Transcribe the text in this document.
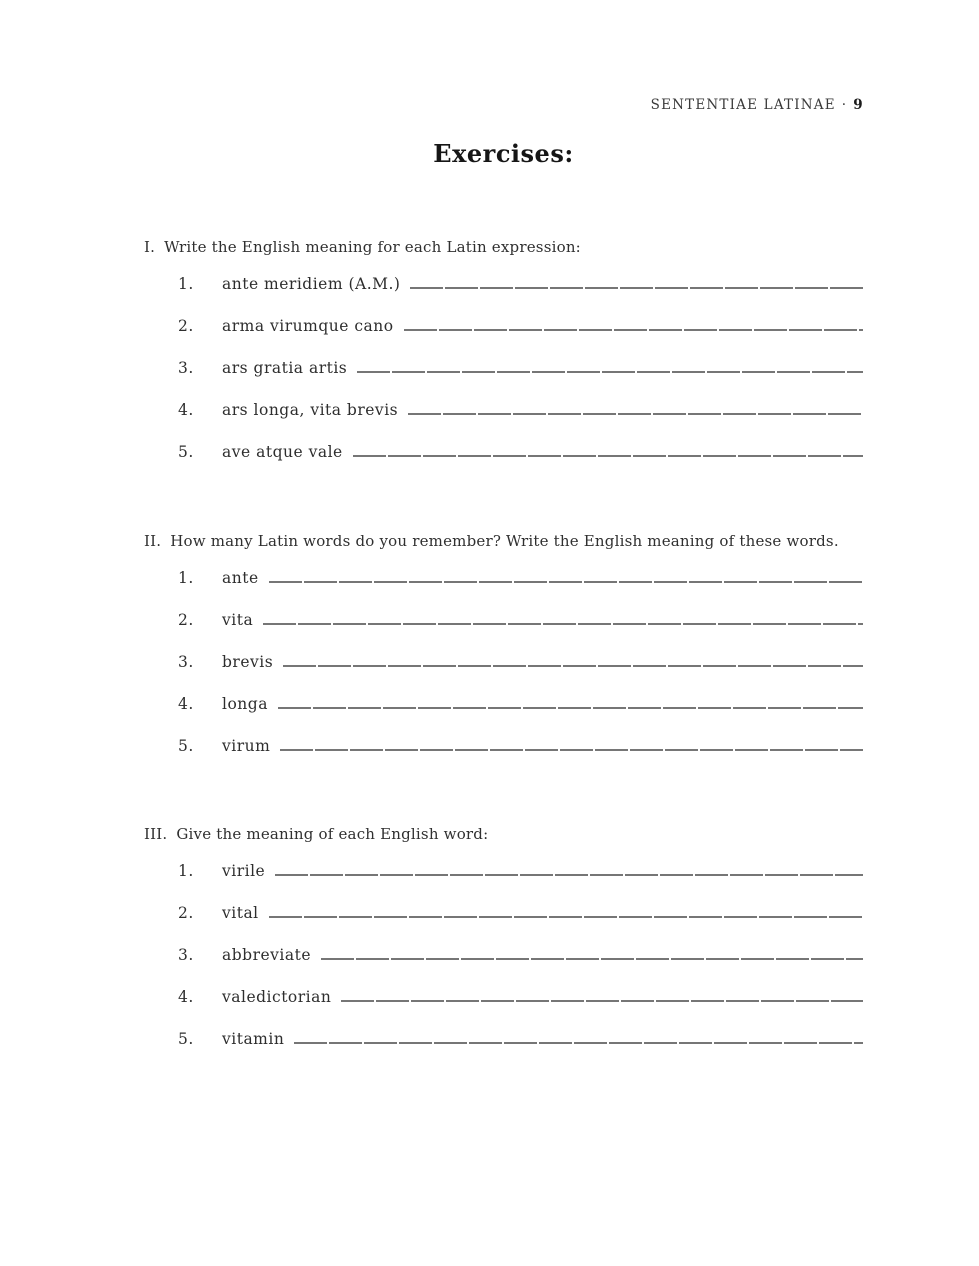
SENTENTIAE LATINAE · 9
Exercises:
I. Write the English meaning for each Latin expression:
1.	ante meridiem (A.M.)
2.	arma virumque cano
3.	ars gratia artis
4.	ars longa, vita brevis
5.	ave atque vale
II. How many Latin words do you remember? Write the English meaning of these words.
1.	ante
2.	vita
3.	brevis
4.	longa
5.	virum
III. Give the meaning of each English word:
1.	virile
2.	vital
3.	abbreviate
4.	valedictorian
5.	vitamin
